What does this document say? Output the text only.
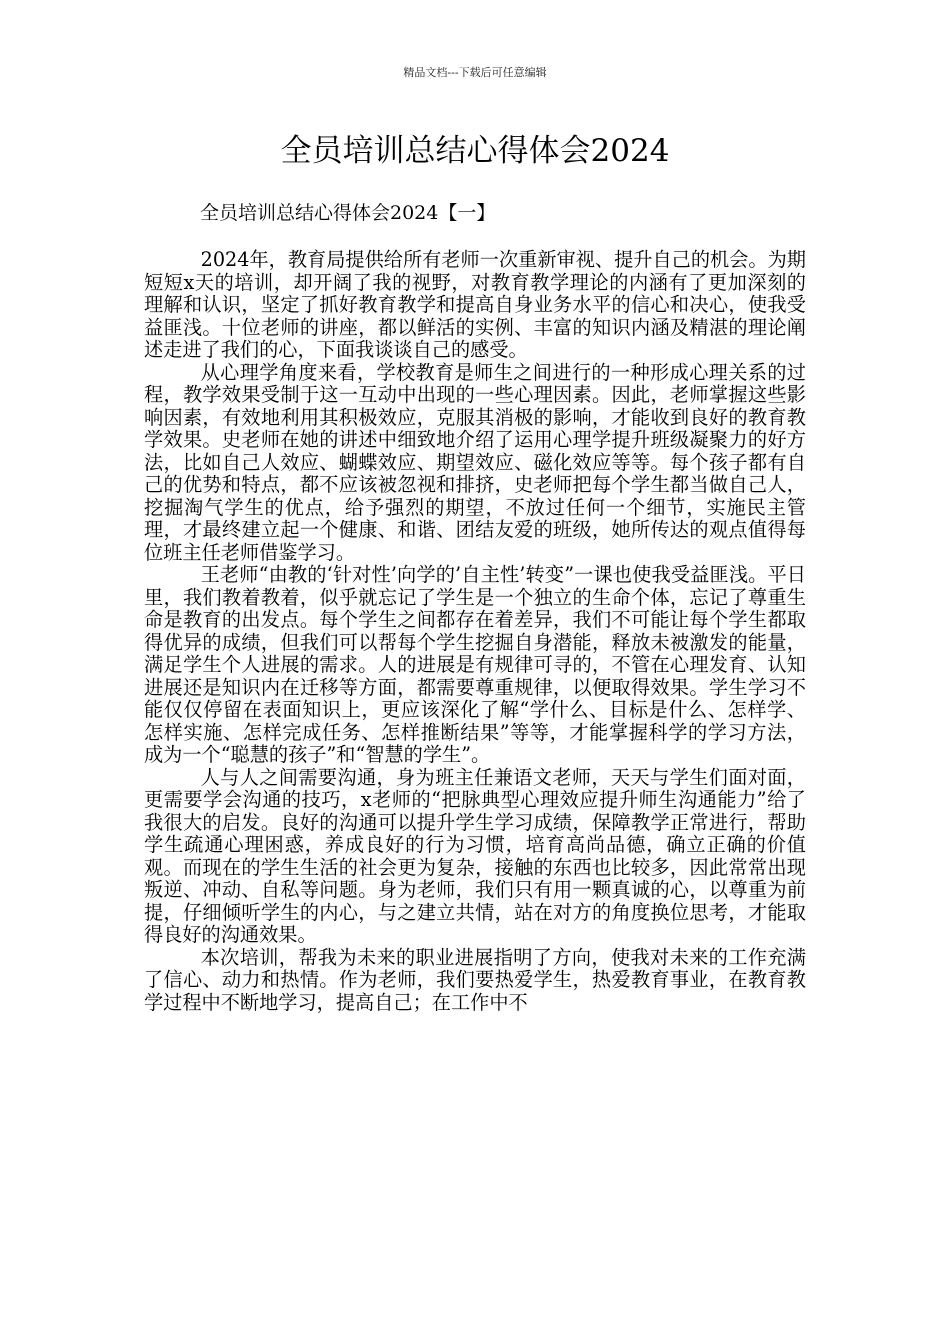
精品文档---下载后可任意编辑
全员培训总结心得体会2024

全员培训总结心得体会2024【一】

2024年，教育局提供给所有老师一次重新审视、提升自己的机会。为期短短x天的培训，却开阔了我的视野，对教育教学理论的内涵有了更加深刻的理解和认识，坚定了抓好教育教学和提高自身业务水平的信心和决心，使我受益匪浅。十位老师的讲座，都以鲜活的实例、丰富的知识内涵及精湛的理论阐述走进了我们的心，下面我谈谈自己的感受。

从心理学角度来看，学校教育是师生之间进行的一种形成心理关系的过程，教学效果受制于这一互动中出现的一些心理因素。因此，老师掌握这些影响因素，有效地利用其积极效应，克服其消极的影响，才能收到良好的教育教学效果。史老师在她的讲述中细致地介绍了运用心理学提升班级凝聚力的好方法，比如自己人效应、蝴蝶效应、期望效应、磁化效应等等。每个孩子都有自己的优势和特点，都不应该被忽视和排挤，史老师把每个学生都当做自己人，挖掘淘气学生的优点，给予强烈的期望，不放过任何一个细节，实施民主管理，才最终建立起一个健康、和谐、团结友爱的班级，她所传达的观点值得每位班主任老师借鉴学习。

王老师“由教的‘针对性’向学的’自主性’转变”一课也使我受益匪浅。平日里，我们教着教着，似乎就忘记了学生是一个独立的生命个体，忘记了尊重生命是教育的出发点。每个学生之间都存在着差异，我们不可能让每个学生都取得优异的成绩，但我们可以帮每个学生挖掘自身潜能，释放未被激发的能量，满足学生个人进展的需求。人的进展是有规律可寻的，不管在心理发育、认知进展还是知识内在迁移等方面，都需要尊重规律，以便取得效果。学生学习不能仅仅停留在表面知识上，更应该深化了解“学什么、目标是什么、怎样学、怎样实施、怎样完成任务、怎样推断结果”等等，才能掌握科学的学习方法，成为一个“聪慧的孩子”和“智慧的学生”。

人与人之间需要沟通，身为班主任兼语文老师，天天与学生们面对面，更需要学会沟通的技巧，x老师的“把脉典型心理效应提升师生沟通能力”给了我很大的启发。良好的沟通可以提升学生学习成绩，保障教学正常进行，帮助学生疏通心理困惑，养成良好的行为习惯，培育高尚品德，确立正确的价值观。而现在的学生生活的社会更为复杂，接触的东西也比较多，因此常常出现叛逆、冲动、自私等问题。身为老师，我们只有用一颗真诚的心，以尊重为前提，仔细倾听学生的内心，与之建立共情，站在对方的角度换位思考，才能取得良好的沟通效果。

本次培训，帮我为未来的职业进展指明了方向，使我对未来的工作充满了信心、动力和热情。作为老师，我们要热爱学生，热爱教育事业，在教育教学过程中不断地学习，提高自己；在工作中不
